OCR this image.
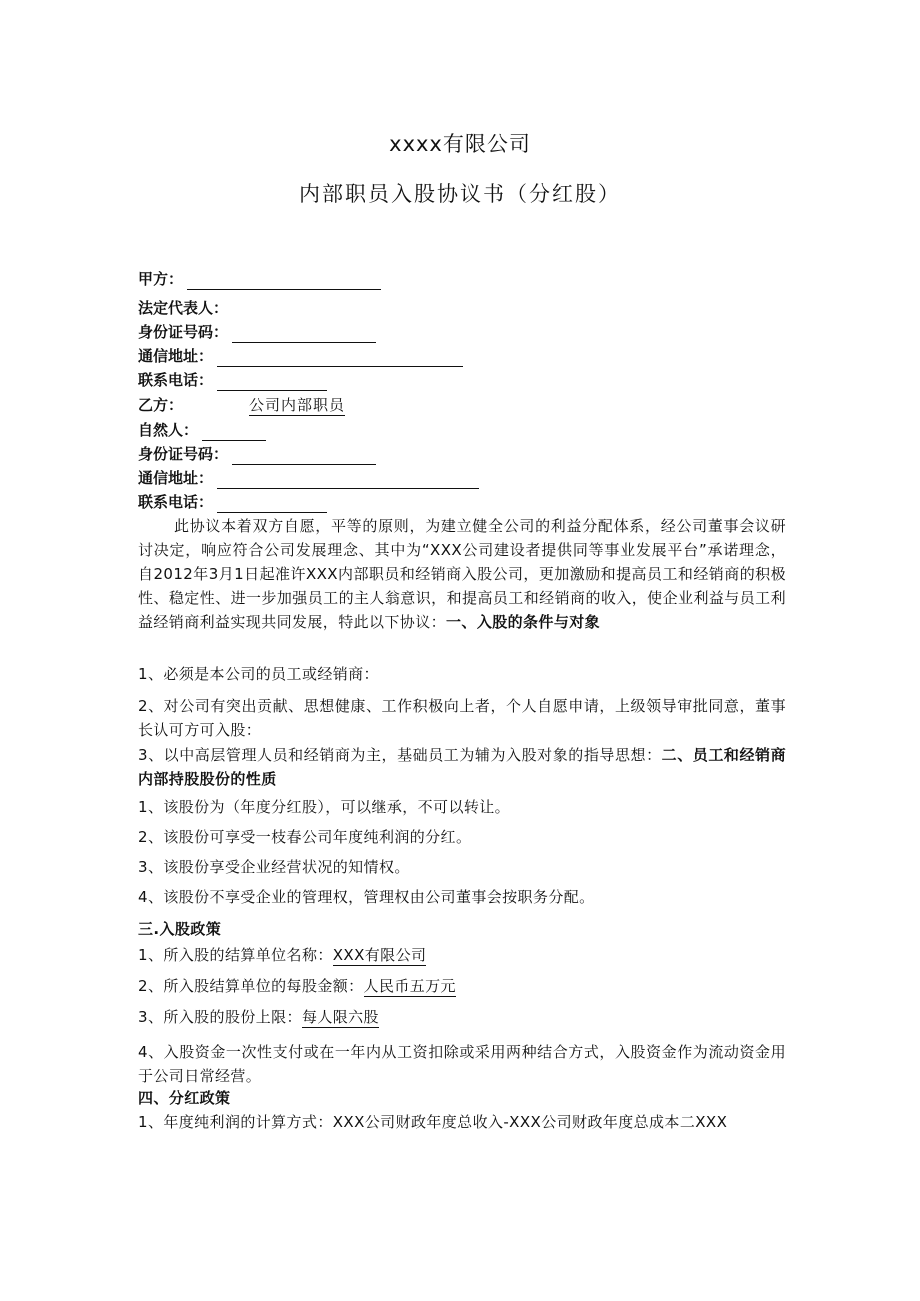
xxxx有限公司
内部职员入股协议书（分红股）
甲方：
法定代表人：
身份证号码：
通信地址：
联系电话：
乙方：	公司内部职员
自然人：
身份证号码：
通信地址：
联系电话：
此协议本着双方自愿，平等的原则，为建立健全公司的利益分配体系，经公司董事会议研讨决定，响应符合公司发展理念、其中为“XXX公司建设者提供同等事业发展平台”承诺理念，自2012年3月1日起准许XXX内部职员和经销商入股公司，更加激励和提高员工和经销商的积极性、稳定性、进一步加强员工的主人翁意识，和提高员工和经销商的收入，使企业利益与员工利益经销商利益实现共同发展，特此以下协议：一、入股的条件与对象
1、必须是本公司的员工或经销商：
2、对公司有突出贡献、思想健康、工作积极向上者，个人自愿申请，上级领导审批同意，董事长认可方可入股：
3、以中高层管理人员和经销商为主，基础员工为辅为入股对象的指导思想：二、员工和经销商内部持股股份的性质
1、该股份为（年度分红股），可以继承，不可以转让。
2、该股份可享受一枝春公司年度纯利润的分红。
3、该股份享受企业经营状况的知情权。
4、该股份不享受企业的管理权，管理权由公司董事会按职务分配。
三.入股政策
1、所入股的结算单位名称：XXX有限公司
2、所入股结算单位的每股金额：人民币五万元
3、所入股的股份上限：每人限六股
4、入股资金一次性支付或在一年内从工资扣除或采用两种结合方式，入股资金作为流动资金用于公司日常经营。
四、分红政策
1、年度纯利润的计算方式：XXX公司财政年度总收入-XXX公司财政年度总成本二XXX
